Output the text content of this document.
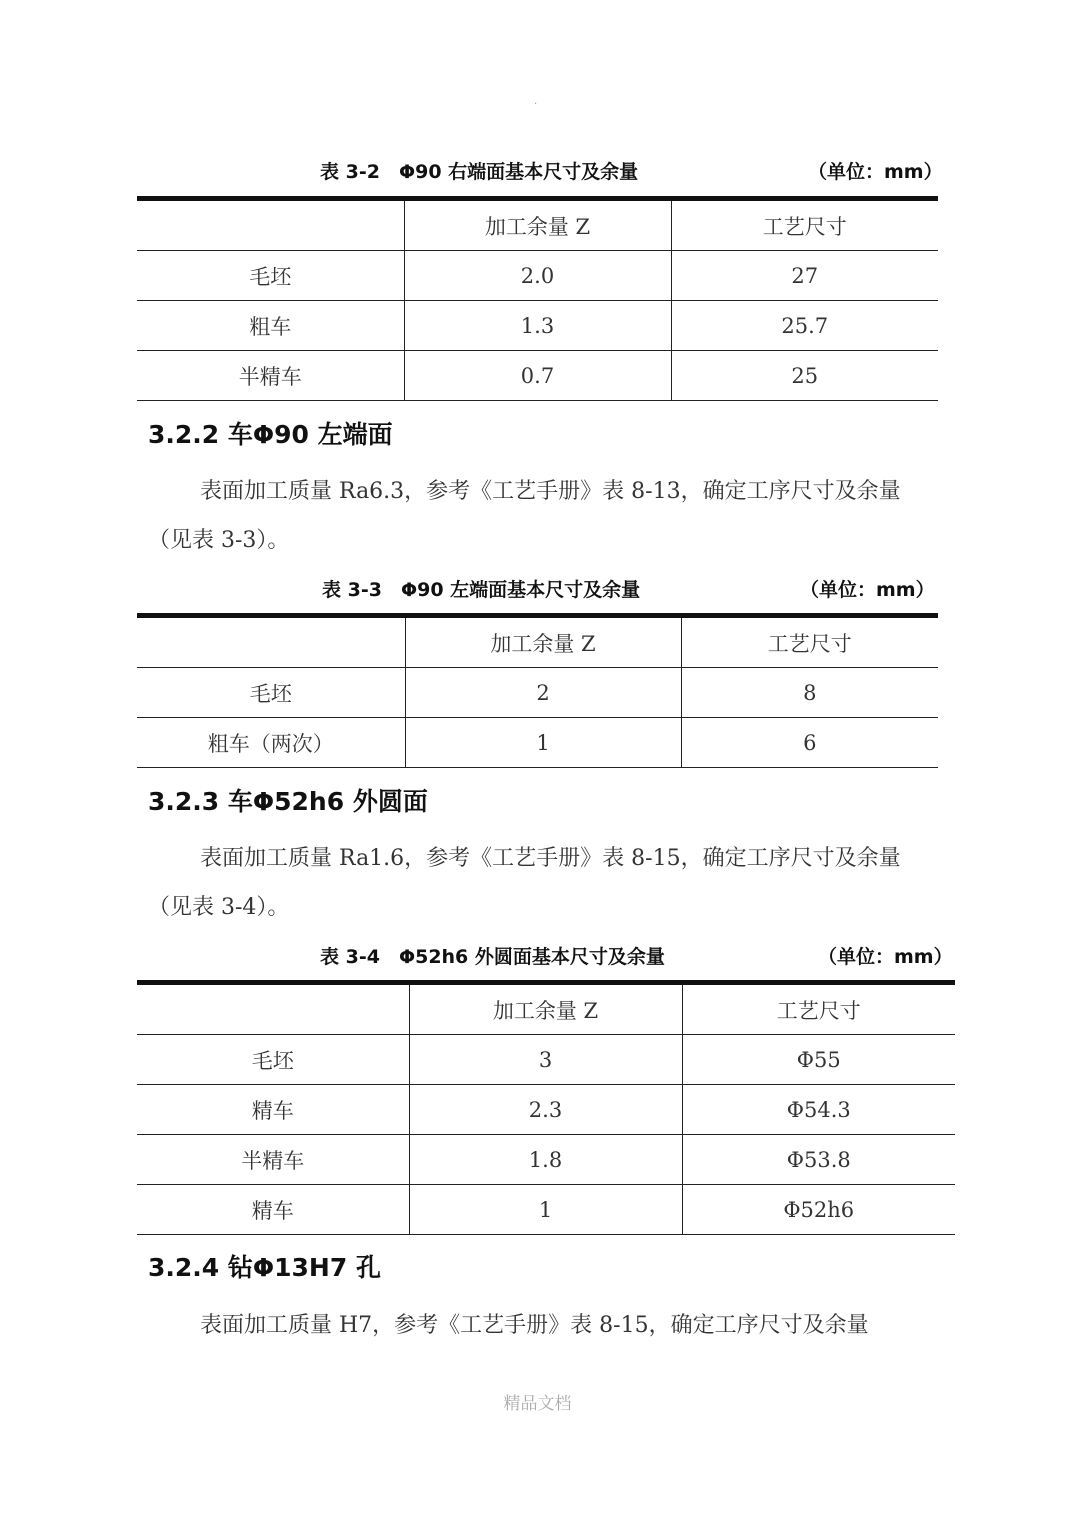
.
表 3-2　Φ90 右端面基本尺寸及余量	（单位：mm）
	加工余量 Z	工艺尺寸
毛坯	2.0	27
粗车	1.3	25.7
半精车	0.7	25
3.2.2 车Φ90 左端面

表面加工质量 Ra6.3，参考《工艺手册》表 8-13，确定工序尺寸及余量（见表 3-3）。

表 3-3　Φ90 左端面基本尺寸及余量	（单位：mm）
	加工余量 Z	工艺尺寸
毛坯	2	8
粗车（两次）	1	6
3.2.3 车Φ52h6 外圆面

表面加工质量 Ra1.6，参考《工艺手册》表 8-15，确定工序尺寸及余量（见表 3-4）。

表 3-4　Φ52h6 外圆面基本尺寸及余量	（单位：mm）
	加工余量 Z	工艺尺寸
毛坯	3	Φ55
精车	2.3	Φ54.3
半精车	1.8	Φ53.8
精车	1	Φ52h6
3.2.4 钻Φ13H7 孔

表面加工质量 H7，参考《工艺手册》表 8-15，确定工序尺寸及余量

精品文档
